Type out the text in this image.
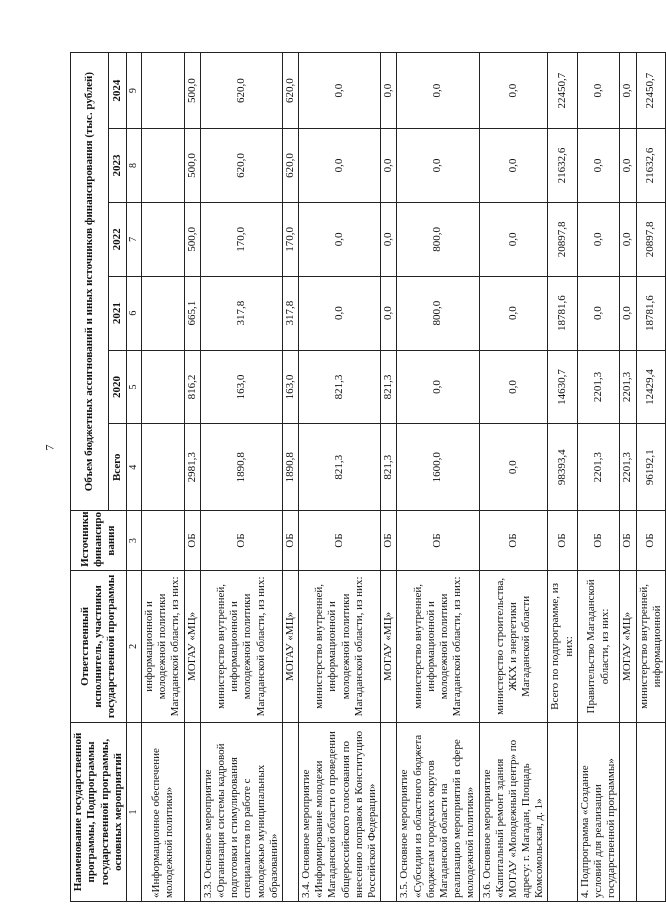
7
Наименование государственной программы, Подпрограммы государственной программы, основных мероприятий	Ответственный исполнитель, участники государственной программы	Источники финансиро вания	Объем бюджетных ассигнований и иных источников финансирования (тыс. рублей)					
			Всего	2020	2021	2022	2023	2024
1	2	3	4	5	6	7	8	9
«Информационное обеспечение молодежной политики»	информационной и молодежной политики Магаданской области, из них:							
	МОГАУ «МЦ»	ОБ	2981,3	816,2	665,1	500,0	500,0	500,0
3.3. Основное мероприятие «Организация системы кадровой подготовки и стимулирования специалистов по работе с молодежью муниципальных образований»	министерство внутренней, информационной и молодежной политики Магаданской области, из них:	ОБ	1890,8	163,0	317,8	170,0	620,0	620,0
	МОГАУ «МЦ»	ОБ	1890,8	163,0	317,8	170,0	620,0	620,0
3.4. Основное мероприятие «Информирование молодежи Магаданской области о проведении общероссийского голосования по внесению поправок в Конституцию Российской Федерации»	министерство внутренней, информационной и молодежной политики Магаданской области, из них:	ОБ	821,3	821,3	0,0	0,0	0,0	0,0
	МОГАУ «МЦ»	ОБ	821,3	821,3	0,0	0,0	0,0	0,0
3.5. Основное мероприятие «Субсидии из областного бюджета бюджетам городских округов Магаданской области на реализацию мероприятий в сфере молодежной политики»	министерство внутренней, информационной и молодежной политики Магаданской области, из них:	ОБ	1600,0	0,0	800,0	800,0	0,0	0,0
3.6. Основное мероприятие «Капитальный ремонт здания МОГАУ «Молодежный центр» по адресу: г. Магадан, Площадь Комсомольская, д. 1»	министерство строительства, ЖКХ и энергетики Магаданской области	ОБ	0,0	0,0	0,0	0,0	0,0	0,0
	Всего по подпрограмме, из них:	ОБ	98393,4	14630,7	18781,6	20897,8	21632,6	22450,7
4. Подпрограмма «Создание условий для реализации государственной программы»	Правительство Магаданской области, из них:	ОБ	2201,3	2201,3	0,0	0,0	0,0	0,0
	МОГАУ «МЦ»	ОБ	2201,3	2201,3	0,0	0,0	0,0	0,0
	министерство внутренней, информационной	ОБ	96192,1	12429,4	18781,6	20897,8	21632,6	22450,7
